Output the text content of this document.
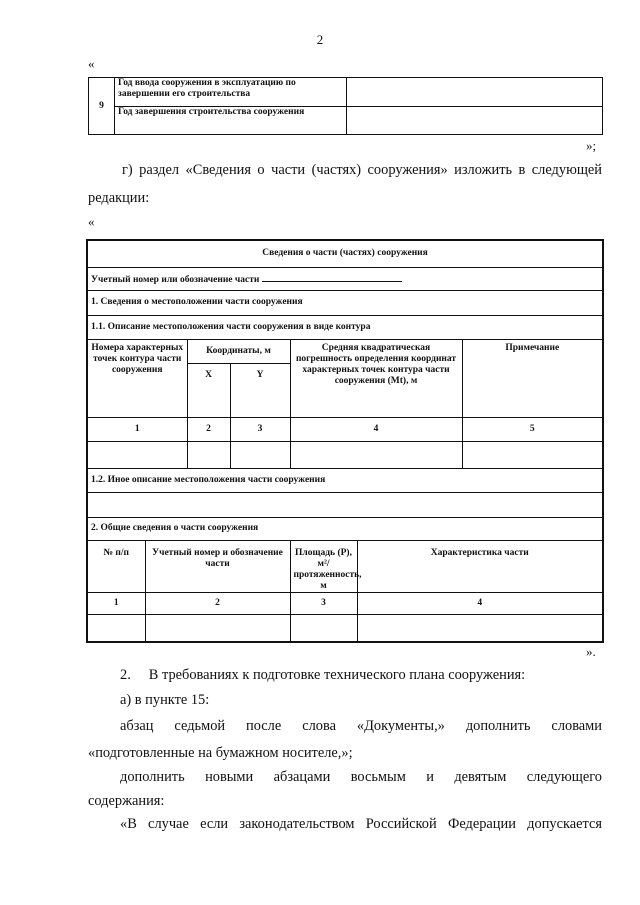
2
«
9	Год ввода сооружения в эксплуатацию по завершении его строительства	
	Год завершения строительства сооружения	
»;
г) раздел «Сведения о части (частях) сооружения» изложить в следующей
редакции:
«
Сведения о части (частях) сооружения						
Учетный номер или обозначение части						
1. Сведения о местоположении части сооружения						
1.1. Описание местоположения части сооружения в виде контура						
Номера характерных точек контура части сооружения		Координаты, м		Средняя квадратическая погрешность определения координат характерных точек контура части сооружения (Mt), м		Примечание
		X	Y			
1		2	3	4		5

1.2. Иное описание местоположения части сооружения						

2. Общие сведения о части сооружения						
№ п/п	Учетный номер и обозначение части			Площадь (Р), м²/ протяженность, м	Характеристика части	
1	2			3	4	

».
2.     В требованиях к подготовке технического плана сооружения:
а) в пункте 15:
абзац седьмой после слова «Документы,» дополнить словами
«подготовленные на бумажном носителе,»;
дополнить новыми абзацами восьмым и девятым следующего
содержания:
«В случае если законодательством Российской Федерации допускается
